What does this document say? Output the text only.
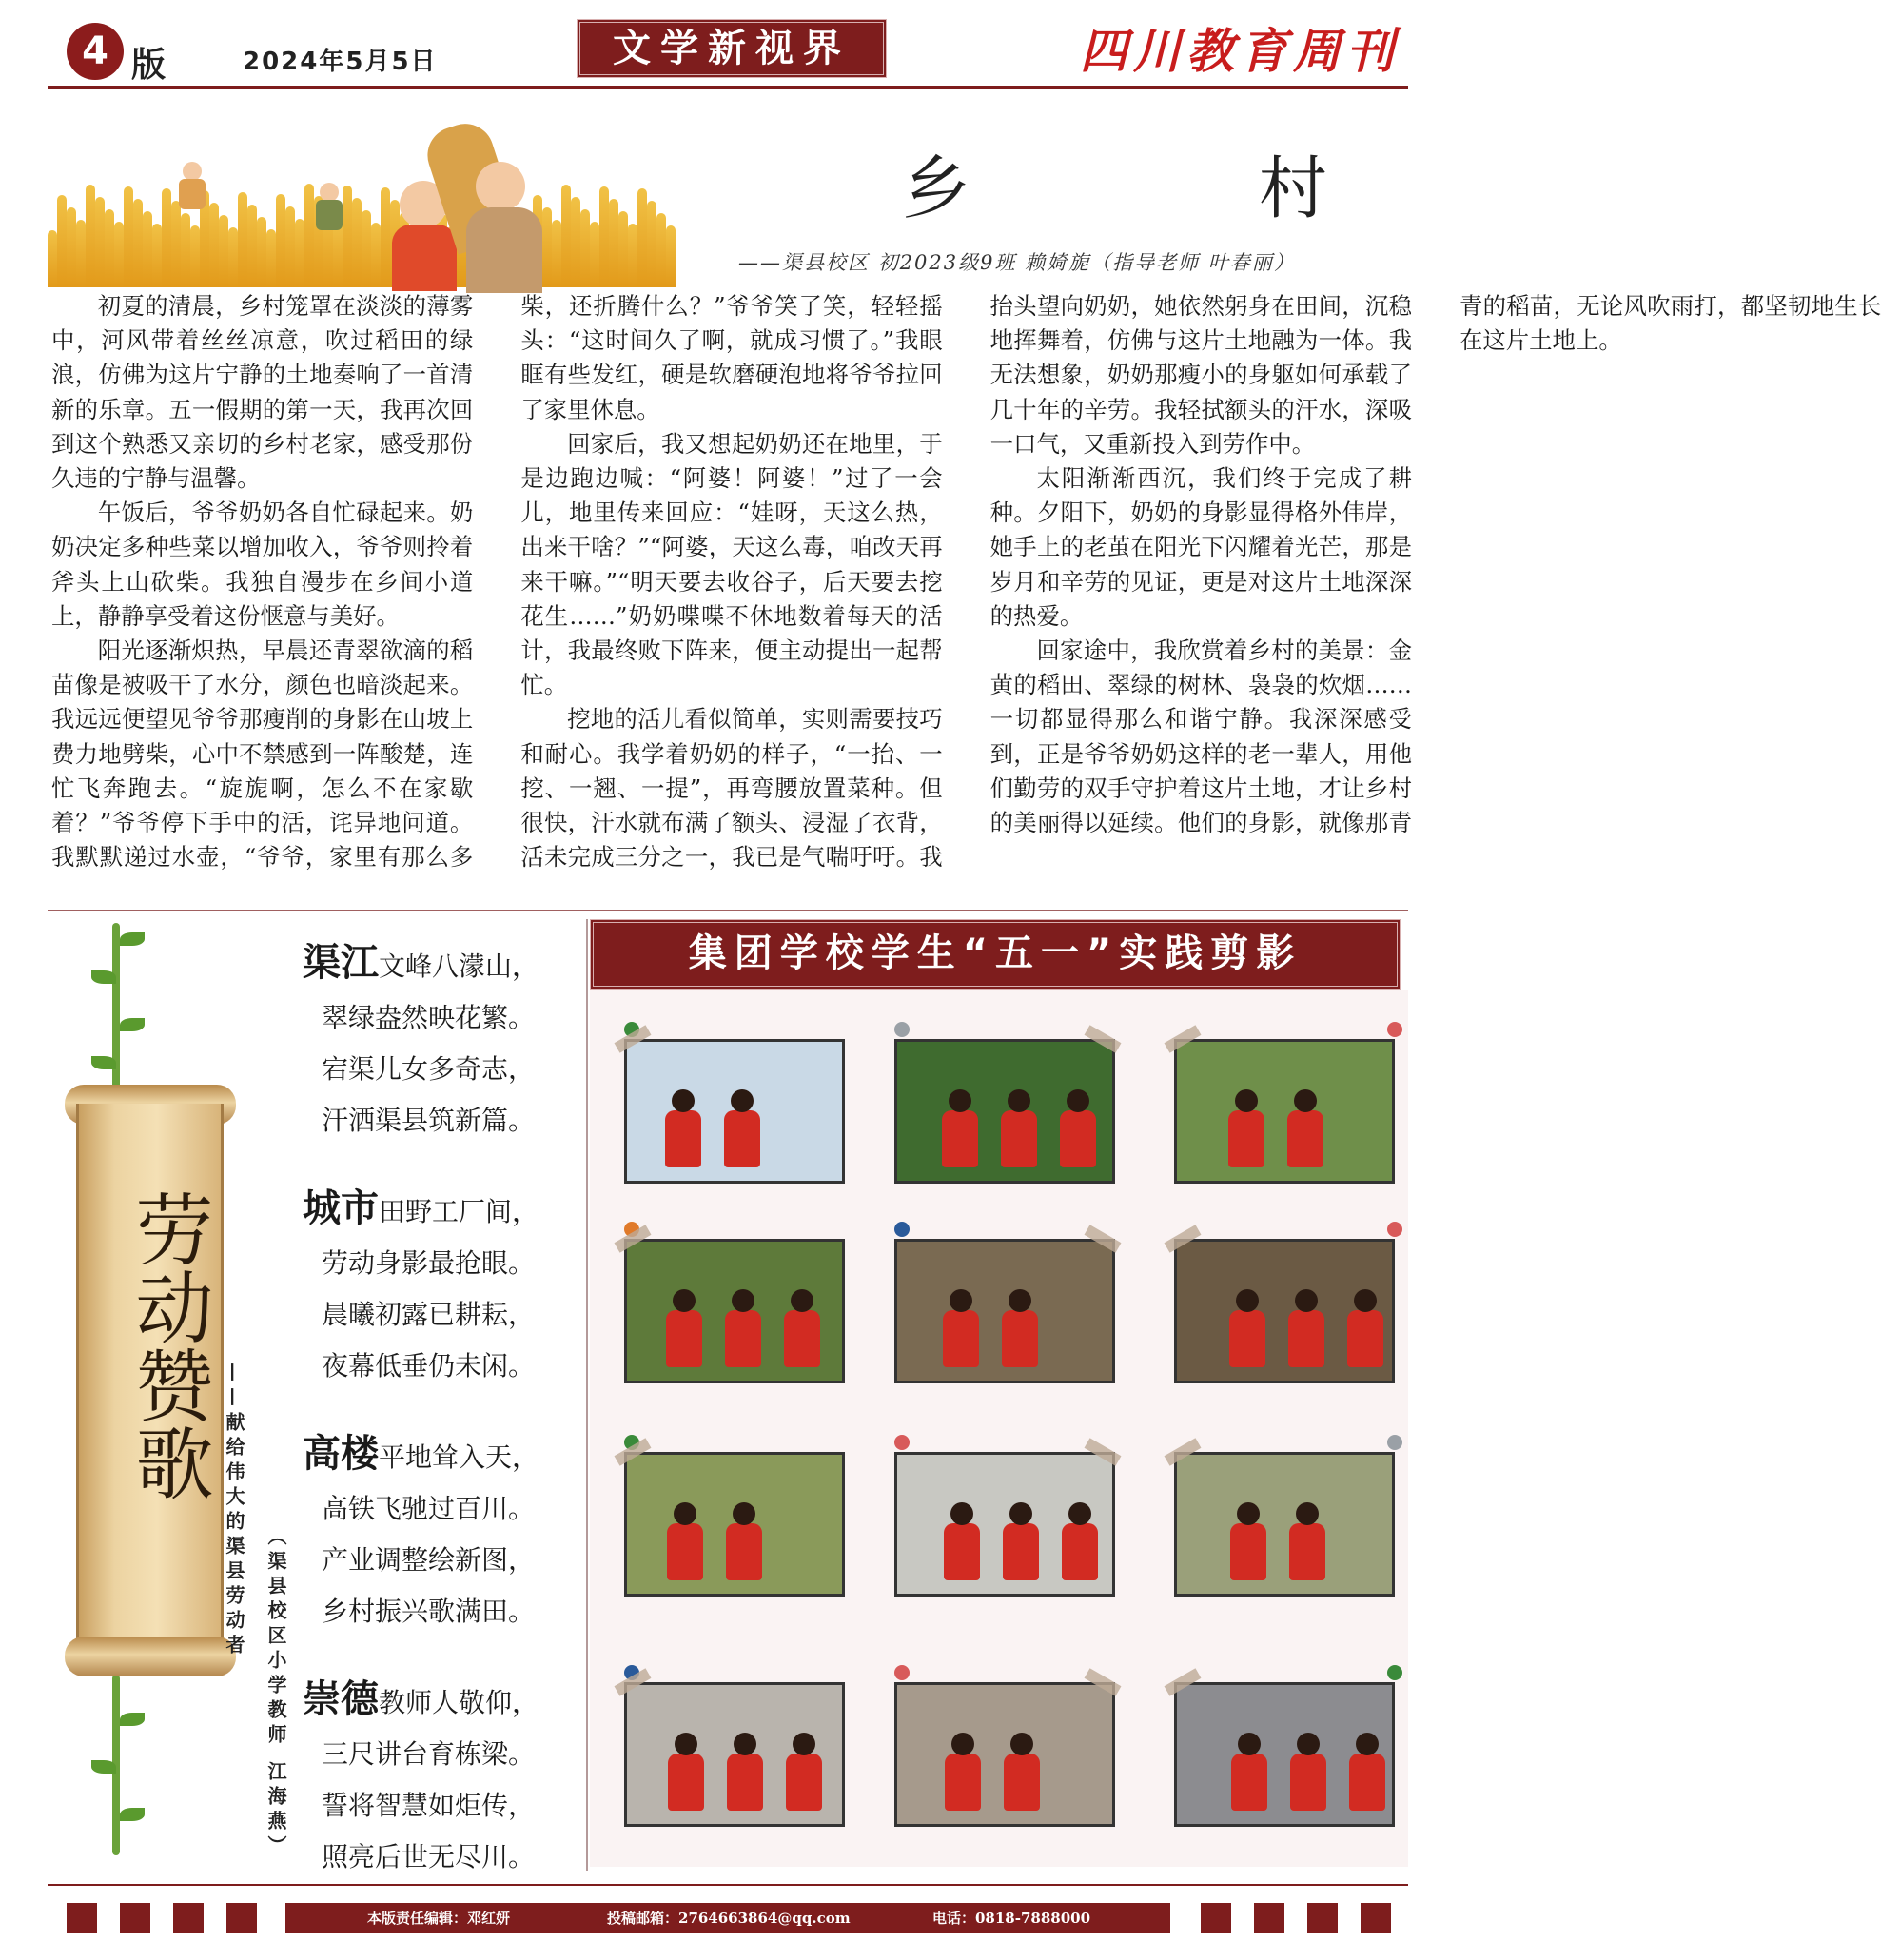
4 版	2024年5月5日	文学新视界	四川教育周刊
乡 村
——渠县校区 初2023级9班 赖婍旎（指导老师 叶春丽）

初夏的清晨，乡村笼罩在淡淡的薄雾中，河风带着丝丝凉意，吹过稻田的绿浪，仿佛为这片宁静的土地奏响了一首清新的乐章。五一假期的第一天，我再次回到这个熟悉又亲切的乡村老家，感受那份久违的宁静与温馨。

午饭后，爷爷奶奶各自忙碌起来。奶奶决定多种些菜以增加收入，爷爷则拎着斧头上山砍柴。我独自漫步在乡间小道上，静静享受着这份惬意与美好。

阳光逐渐炽热，早晨还青翠欲滴的稻苗像是被吸干了水分，颜色也暗淡起来。我远远便望见爷爷那瘦削的身影在山坡上费力地劈柴，心中不禁感到一阵酸楚，连忙飞奔跑去。“旋旎啊，怎么不在家歇着？”爷爷停下手中的活，诧异地问道。我默默递过水壶，“爷爷，家里有那么多柴，还折腾什么？”爷爷笑了笑，轻轻摇头：“这时间久了啊，就成习惯了。”我眼眶有些发红，硬是软磨硬泡地将爷爷拉回了家里休息。

回家后，我又想起奶奶还在地里，于是边跑边喊：“阿婆！阿婆！”过了一会儿，地里传来回应：“娃呀，天这么热，出来干啥？”“阿婆，天这么毒，咱改天再来干嘛。”“明天要去收谷子，后天要去挖花生……”奶奶喋喋不休地数着每天的活计，我最终败下阵来，便主动提出一起帮忙。

挖地的活儿看似简单，实则需要技巧和耐心。我学着奶奶的样子，“一抬、一挖、一翘、一提”，再弯腰放置菜种。但很快，汗水就布满了额头、浸湿了衣背，活未完成三分之一，我已是气喘吁吁。我抬头望向奶奶，她依然躬身在田间，沉稳地挥舞着，仿佛与这片土地融为一体。我无法想象，奶奶那瘦小的身躯如何承载了几十年的辛劳。我轻拭额头的汗水，深吸一口气，又重新投入到劳作中。

太阳渐渐西沉，我们终于完成了耕种。夕阳下，奶奶的身影显得格外伟岸，她手上的老茧在阳光下闪耀着光芒，那是岁月和辛劳的见证，更是对这片土地深深的热爱。

回家途中，我欣赏着乡村的美景：金黄的稻田、翠绿的树林、袅袅的炊烟……一切都显得那么和谐宁静。我深深感受到，正是爷爷奶奶这样的老一辈人，用他们勤劳的双手守护着这片土地，才让乡村的美丽得以延续。他们的身影，就像那青青的稻苗，无论风吹雨打，都坚韧地生长在这片土地上。

劳动赞歌
——献给伟大的渠县劳动者
（渠县校区小学教师 江海燕）
渠江文峰八濛山，
翠绿盎然映花繁。
宕渠儿女多奇志，
汗洒渠县筑新篇。
城市田野工厂间，
劳动身影最抢眼。
晨曦初露已耕耘，
夜幕低垂仍未闲。
高楼平地耸入天，
高铁飞驰过百川。
产业调整绘新图，
乡村振兴歌满田。
崇德教师人敬仰，
三尺讲台育栋梁。
誓将智慧如炬传，
照亮后世无尽川。
集团学校学生“五一”实践剪影
本版责任编辑：邓红妍	投稿邮箱：2764663864@qq.com	电话：0818-7888000
